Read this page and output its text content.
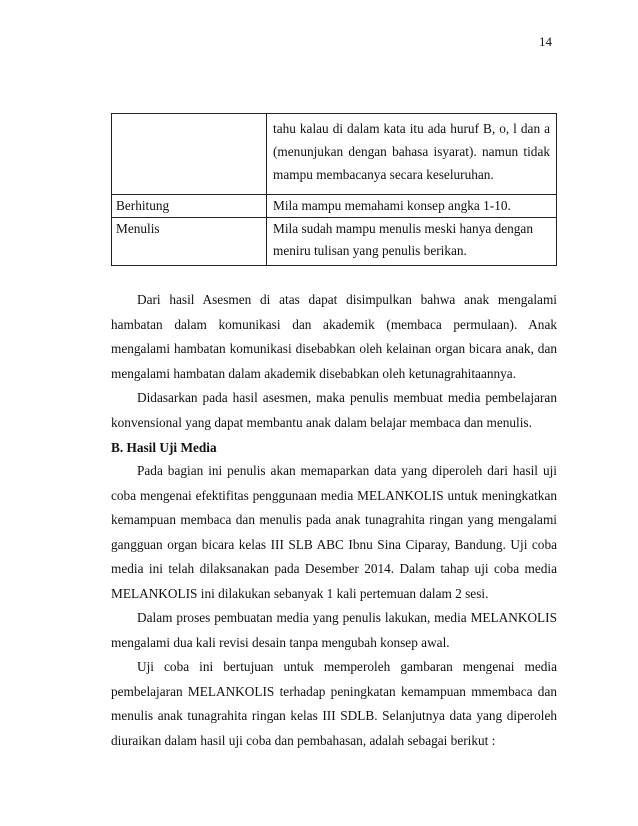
14
	tahu kalau di dalam kata itu ada huruf B, o, l dan a (menunjukan dengan bahasa isyarat). namun tidak mampu membacanya secara keseluruhan.
Berhitung	Mila mampu memahami konsep angka 1-10.
Menulis	Mila sudah mampu menulis meski hanya dengan meniru tulisan yang penulis berikan.

Dari hasil Asesmen di atas dapat disimpulkan bahwa anak mengalami hambatan dalam komunikasi dan akademik (membaca permulaan). Anak mengalami hambatan komunikasi disebabkan oleh kelainan organ bicara anak, dan mengalami hambatan dalam akademik disebabkan oleh ketunagrahitaannya.

Didasarkan pada hasil asesmen, maka penulis membuat media pembelajaran konvensional yang dapat membantu anak dalam belajar membaca dan menulis.

B. Hasil Uji Media

Pada bagian ini penulis akan memaparkan data yang diperoleh dari hasil uji coba mengenai efektifitas penggunaan media MELANKOLIS untuk meningkatkan kemampuan membaca dan menulis pada anak tunagrahita ringan yang mengalami gangguan organ bicara kelas III SLB ABC Ibnu Sina Ciparay, Bandung. Uji coba media ini telah dilaksanakan pada Desember 2014. Dalam tahap uji coba media MELANKOLIS ini dilakukan sebanyak 1 kali pertemuan dalam 2 sesi.

Dalam proses pembuatan media yang penulis lakukan, media MELANKOLIS mengalami dua kali revisi desain tanpa mengubah konsep awal.

Uji coba ini bertujuan untuk memperoleh gambaran mengenai media pembelajaran MELANKOLIS terhadap peningkatan kemampuan mmembaca dan menulis anak tunagrahita ringan kelas III SDLB. Selanjutnya data yang diperoleh diuraikan dalam hasil uji coba dan pembahasan, adalah sebagai berikut :
